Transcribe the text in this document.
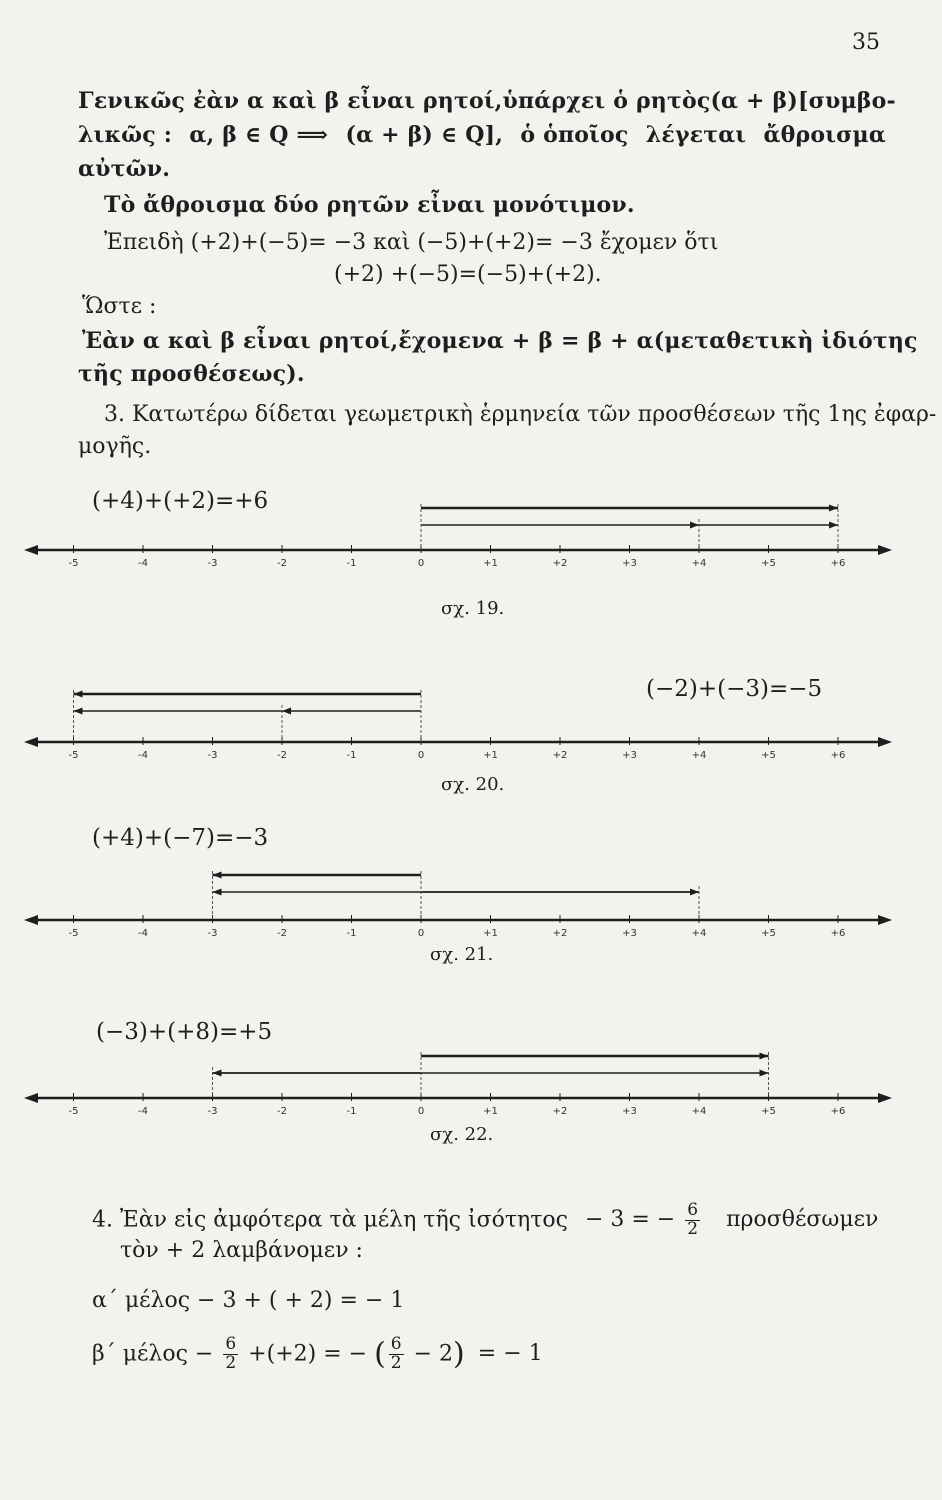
35
Γενικῶς ἐὰν α καὶ β εἶναι ρητοί, ὑπάρχει ὁ ρητὸς (α + β) [συμβο-
λικῶς : α, β ∈ Q ⟹ (α + β) ∈ Q], ὁ ὁποῖος λέγεται ἄθροισμα
αὐτῶν.
Τὸ ἄθροισμα δύο ρητῶν εἶναι μονότιμον.
Ἐπειδὴ (+2)+(−5)= −3 καὶ (−5)+(+2)= −3 ἔχομεν ὅτι
(+2) +(−5)=(−5)+(+2).
Ὥστε :
Ἐὰν α καὶ β εἶναι ρητοί, ἔχομεν α + β = β + α (μεταθετικὴ ἰδιότης
τῆς προσθέσεως).
3. Κατωτέρω δίδεται γεωμετρικὴ ἑρμηνεία τῶν προσθέσεων τῆς 1ης ἐφαρ-
μογῆς.
(+4)+(+2)=+6
-5	-4	-3	-2	-1	0	+1	+2	+3	+4	+5	+6
σχ. 19.
(−2)+(−3)=−5
-5	-4	-3	-2	-1	0	+1	+2	+3	+4	+5	+6
σχ. 20.
(+4)+(−7)=−3
-5	-4	-3	-2	-1	0	+1	+2	+3	+4	+5	+6
σχ. 21.
(−3)+(+8)=+5
-5	-4	-3	-2	-1	0	+1	+2	+3	+4	+5	+6
σχ. 22.
4. Ἐὰν εἰς ἀμφότερα τὰ μέλη τῆς ἰσότητος − 3 = − $\frac{6}{2}$ προσθέσωμεν
τὸν + 2 λαμβάνομεν :
α΄ μέλος − 3 + ( + 2) = − 1
β΄ $\mu έ\lambda o\varsigma - \frac{6}{2} +(+2)$ = − ( $\frac{6}{2} - 2$) = − 1
